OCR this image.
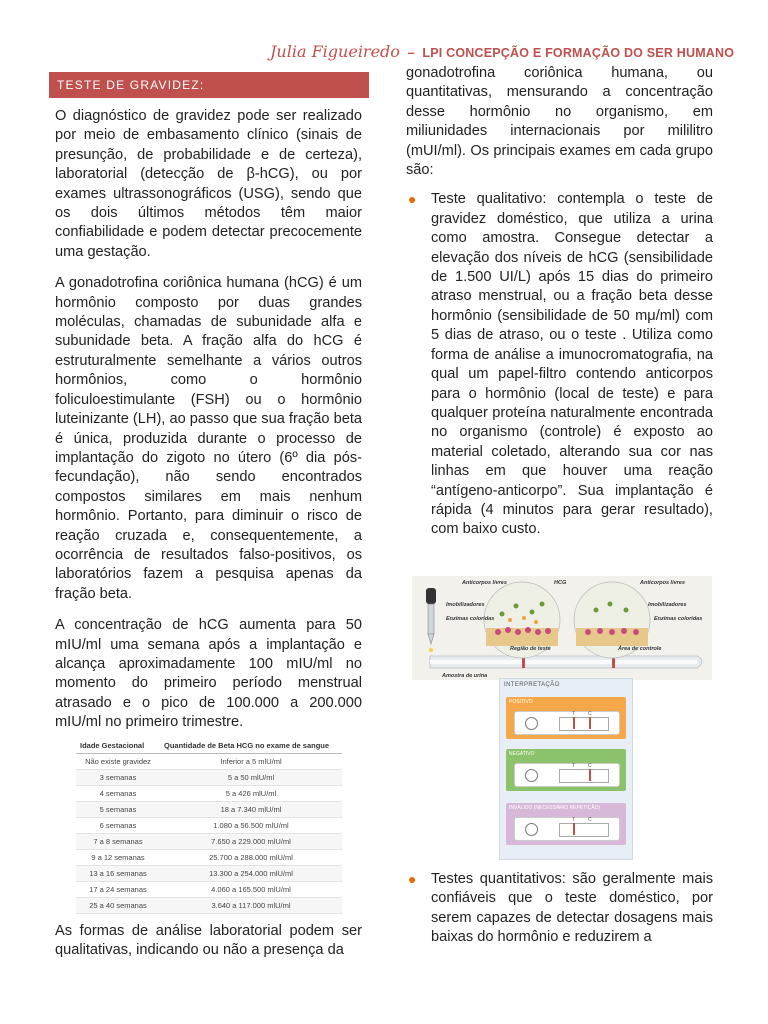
Julia Figueiredo – LPI CONCEPÇÃO E FORMAÇÃO DO SER HUMANO
TESTE DE GRAVIDEZ:

O diagnóstico de gravidez pode ser realizado por meio de embasamento clínico (sinais de presunção, de probabilidade e de certeza), laboratorial (detecção de β-hCG), ou por exames ultrassonográficos (USG), sendo que os dois últimos métodos têm maior confiabilidade e podem detectar precocemente uma gestação.

A gonadotrofina coriônica humana (hCG) é um hormônio composto por duas grandes moléculas, chamadas de subunidade alfa e subunidade beta. A fração alfa do hCG é estruturalmente semelhante a vários outros hormônios, como o hormônio foliculoestimulante (FSH) ou o hormônio luteinizante (LH), ao passo que sua fração beta é única, produzida durante o processo de implantação do zigoto no útero (6º dia pós-fecundação), não sendo encontrados compostos similares em mais nenhum hormônio. Portanto, para diminuir o risco de reação cruzada e, consequentemente, a ocorrência de resultados falso-positivos, os laboratórios fazem a pesquisa apenas da fração beta.

A concentração de hCG aumenta para 50 mIU/ml uma semana após a implantação e alcança aproximadamente 100 mIU/ml no momento do primeiro período menstrual atrasado e o pico de 100.000 a 200.000 mIU/ml no primeiro trimestre.

Idade Gestacional	Quantidade de Beta HCG no exame de sangue
Não existe gravidez	Inferior a 5 mlU/ml
3 semanas	5 a 50 mlU/ml
4 semanas	5 a 426 mlU/ml
5 semanas	18 a 7.340 mlU/ml
6 semanas	1.080 a 56.500 mlU/ml
7 a 8 semanas	7.650 a 229.000 mlU/ml
9 a 12 semanas	25.700 a 288.000 mlU/ml
13 a 16 semanas	13.300 a 254.000 mlU/ml
17 a 24 semanas	4.060 a 165.500 mlU/ml
25 a 40 semanas	3.640 a 117.000 mlU/ml

As formas de análise laboratorial podem ser qualitativas, indicando ou não a presença da

gonadotrofina coriônica humana, ou quantitativas, mensurando a concentração desse hormônio no organismo, em miliunidades internacionais por mililitro (mUI/ml). Os principais exames em cada grupo são:

● Teste qualitativo: contempla o teste de gravidez doméstico, que utiliza a urina como amostra. Consegue detectar a elevação dos níveis de hCG (sensibilidade de 1.500 UI/L) após 15 dias do primeiro atraso menstrual, ou a fração beta desse hormônio (sensibilidade de 50 mμ/ml) com 5 dias de atraso, ou o teste . Utiliza como forma de análise a imunocromatografia, na qual um papel-filtro contendo anticorpos para o hormônio (local de teste) e para qualquer proteína naturalmente encontrada no organismo (controle) é exposto ao material coletado, alterando sua cor nas linhas em que houver uma reação “antígeno-anticorpo”. Sua implantação é rápida (4 minutos para gerar resultado), com baixo custo.
● Testes quantitativos: são geralmente mais confiáveis que o teste doméstico, por serem capazes de detectar dosagens mais baixas do hormônio e reduzirem a
Anticorpos livres	HCG	Anticorpos livres
Imobilizadores	Imobilizadores
Enzimas coloridas	Enzimas coloridas
Amostra de urina
Região de teste	Área de controle
INTERPRETAÇÃO
POSITIVO
T	C
NEGATIVO
T	C
INVÁLIDO (NECESSÁRIO REPETIÇÃO)
T	C
